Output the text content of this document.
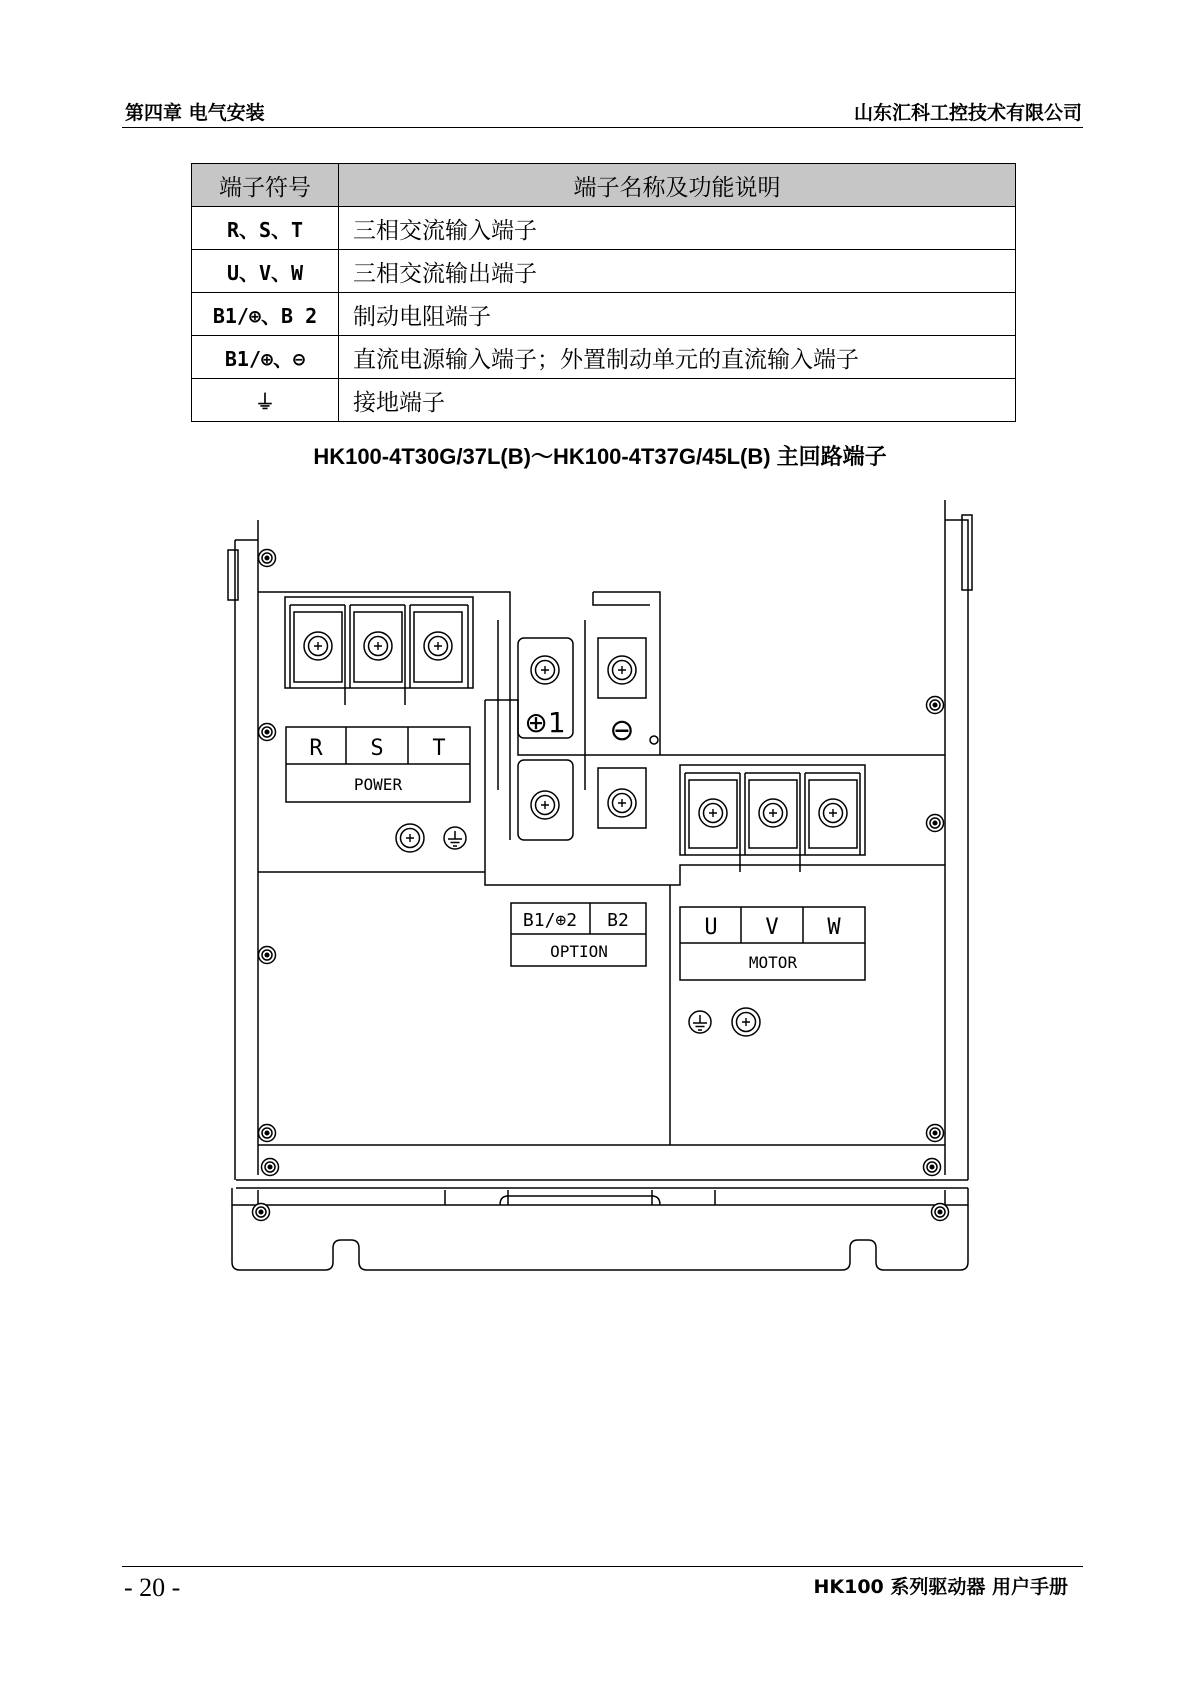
第四章 电气安装	山东汇科工控技术有限公司
端子符号	端子名称及功能说明
R、S、T	三相交流输入端子
U、V、W	三相交流输出端子
B1/⊕、B 2	制动电阻端子
B1/⊕、⊖	直流电源输入端子；外置制动单元的直流输入端子
⏚	接地端子
HK100-4T30G/37L(B)～HK100-4T37G/45L(B) 主回路端子
R S T
POWER
⊕1 ⊖
B1/⊕2 B2
OPTION
U V W
MOTOR
- 20 -	HK100 系列驱动器 用户手册
